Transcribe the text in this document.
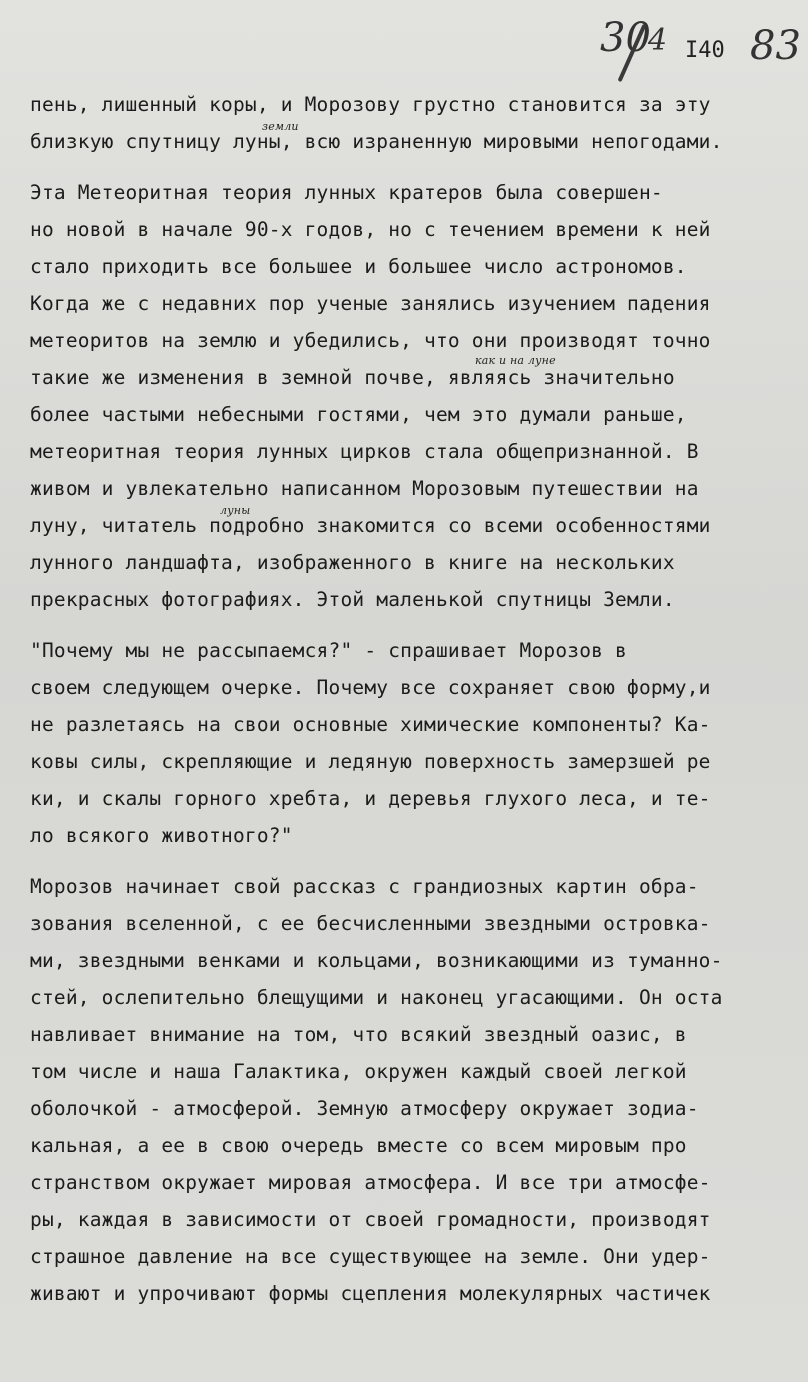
30
4 I40 83
пень, лишенный коры, и Морозову грустно становится за эту
земли
близкую спутницу луны, всю израненную мировыми непогодами.
Эта Метеоритная теория лунных кратеров была совершен-
но новой в начале 90-х годов, но с течением времени к ней
стало приходить все большее и большее число астрономов.
Когда же с недавних пор ученые занялись изучением падения
метеоритов на землю и убедились, что они производят точно
как и на луне
такие же изменения в земной почве, являясь значительно
более частыми небесными гостями, чем это думали раньше,
метеоритная теория лунных цирков стала общепризнанной. В
живом и увлекательно написанном Морозовым путешествии на
луны
луну, читатель подробно знакомится со всеми особенностями
лунного ландшафта, изображенного в книге на нескольких
прекрасных фотографиях. Этой маленькой спутницы Земли.
"Почему мы не рассыпаемся?" - спрашивает Морозов в
своем следующем очерке. Почему все сохраняет свою форму,и
не разлетаясь на свои основные химические компоненты? Ка-
ковы силы, скрепляющие и ледяную поверхность замерзшей ре
ки, и скалы горного хребта, и деревья глухого леса, и те-
ло всякого животного?"
Морозов начинает свой рассказ с грандиозных картин обра-
зования вселенной, с ее бесчисленными звездными островка-
ми, звездными венками и кольцами, возникающими из туманно-
стей, ослепительно блещущими и наконец угасающими. Он оста
навливает внимание на том, что всякий звездный оазис, в
том числе и наша Галактика, окружен каждый своей легкой
оболочкой - атмосферой. Земную атмосферу окружает зодиа-
кальная, а ее в свою очередь вместе со всем мировым про
странством окружает мировая атмосфера. И все три атмосфе-
ры, каждая в зависимости от своей громадности, производят
страшное давление на все существующее на земле. Они удер-
живают и упрочивают формы сцепления молекулярных частичек
